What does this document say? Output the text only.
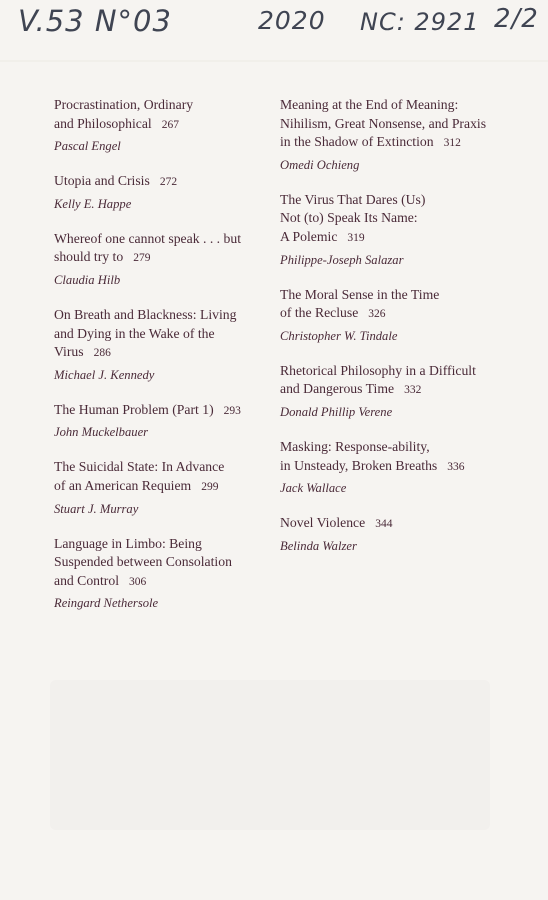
V.53 N°03	2020 NC: 2921 2/2
Procrastination, Ordinary
and Philosophical 267
Pascal Engel
Utopia and Crisis 272
Kelly E. Happe
Whereof one cannot speak . . . but
should try to 279
Claudia Hilb
On Breath and Blackness: Living
and Dying in the Wake of the
Virus 286
Michael J. Kennedy
The Human Problem (Part 1) 293
John Muckelbauer
The Suicidal State: In Advance
of an American Requiem 299
Stuart J. Murray
Language in Limbo: Being
Suspended between Consolation
and Control 306
Reingard Nethersole
Meaning at the End of Meaning:
Nihilism, Great Nonsense, and Praxis
in the Shadow of Extinction 312
Omedi Ochieng
The Virus That Dares (Us)
Not (to) Speak Its Name:
A Polemic 319
Philippe-Joseph Salazar
The Moral Sense in the Time
of the Recluse 326
Christopher W. Tindale
Rhetorical Philosophy in a Difficult
and Dangerous Time 332
Donald Phillip Verene
Masking: Response-ability,
in Unsteady, Broken Breaths 336
Jack Wallace
Novel Violence 344
Belinda Walzer
